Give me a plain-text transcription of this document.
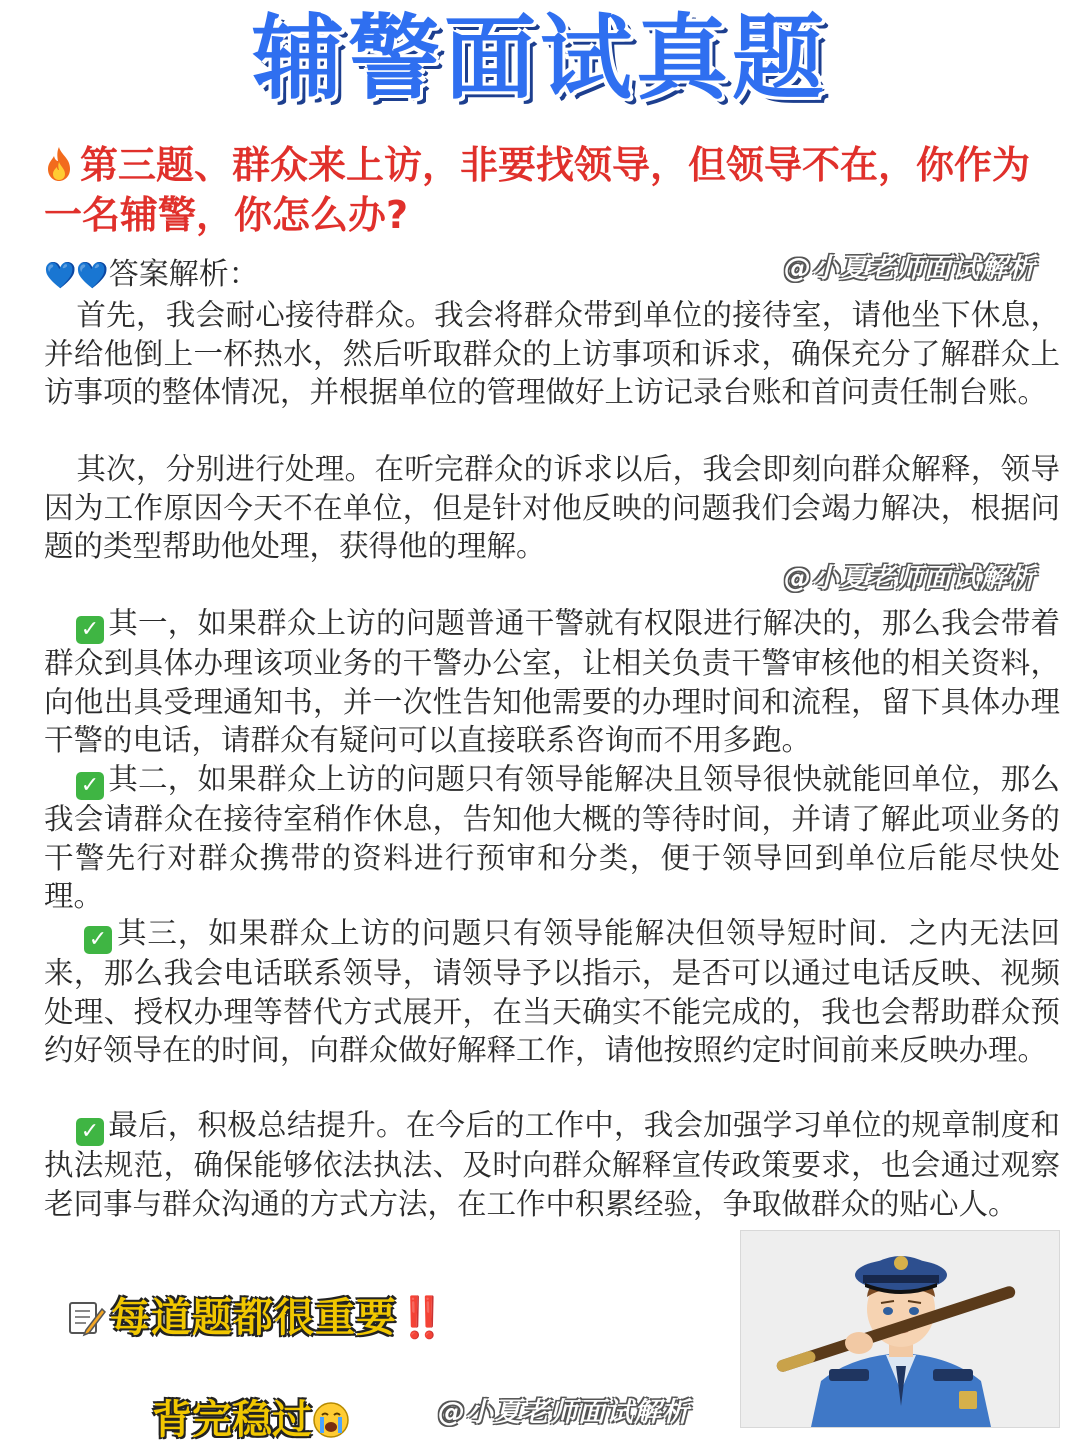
辅警面试真题
第三题、群众来上访，非要找领导，但领导不在，你作为一名辅警，你怎么办?
@小夏老师面试解析
💙💙答案解析：
首先，我会耐心接待群众。我会将群众带到单位的接待室，请他坐下休息，并给他倒上一杯热水，然后听取群众的上访事项和诉求，确保充分了解群众上访事项的整体情况，并根据单位的管理做好上访记录台账和首问责任制台账。
其次，分别进行处理。在听完群众的诉求以后，我会即刻向群众解释，领导因为工作原因今天不在单位，但是针对他反映的问题我们会竭力解决，根据问题的类型帮助他处理，获得他的理解。
@小夏老师面试解析
✓ 其一，如果群众上访的问题普通干警就有权限进行解决的，那么我会带着群众到具体办理该项业务的干警办公室，让相关负责干警审核他的相关资料，向他出具受理通知书，并一次性告知他需要的办理时间和流程，留下具体办理干警的电话，请群众有疑问可以直接联系咨询而不用多跑。
✓ 其二，如果群众上访的问题只有领导能解决且领导很快就能回单位，那么我会请群众在接待室稍作休息，告知他大概的等待时间，并请了解此项业务的干警先行对群众携带的资料进行预审和分类，便于领导回到单位后能尽快处理。
✓ 其三，如果群众上访的问题只有领导能解决但领导短时间．之内无法回来，那么我会电话联系领导，请领导予以指示，是否可以通过电话反映、视频处理、授权办理等替代方式展开，在当天确实不能完成的，我也会帮助群众预约好领导在的时间，向群众做好解释工作，请他按照约定时间前来反映办理。
✓ 最后，积极总结提升。在今后的工作中，我会加强学习单位的规章制度和执法规范，确保能够依法执法、及时向群众解释宣传政策要求，也会通过观察老同事与群众沟通的方式方法，在工作中积累经验，争取做群众的贴心人。
每道题都很重要‼️
背完稳过	@小夏老师面试解析
